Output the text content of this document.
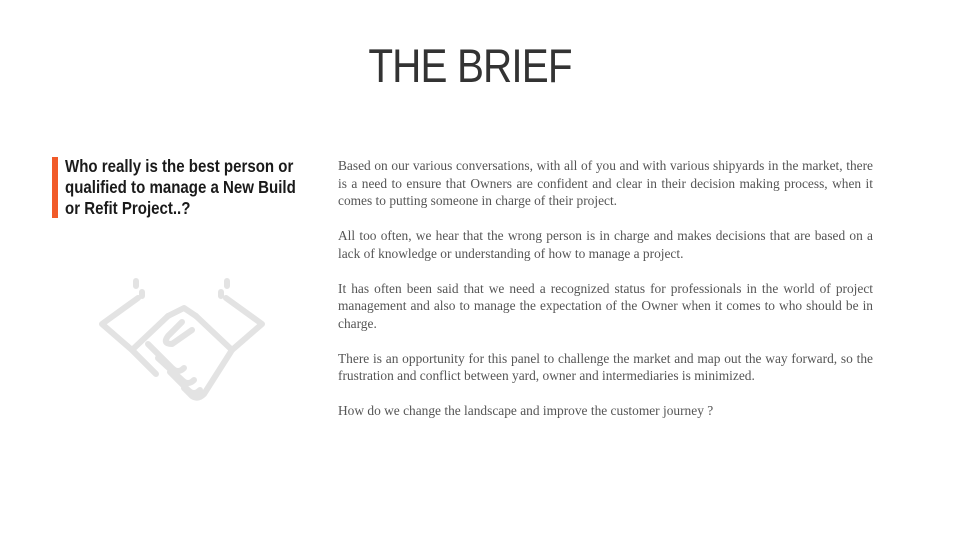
THE BRIEF
Who really is the best person or qualified to manage a New Build or Refit Project..?

Based on our various conversations, with all of you and with various shipyards in the market, there is a need to ensure that Owners are confident and clear in their decision making process, when it comes to putting someone in charge of their project.

All too often, we hear that the wrong person is in charge and makes decisions that are based on a lack of knowledge or understanding of how to manage a project.

It has often been said that we need a recognized status for professionals in the world of project management and also to manage the expectation of the Owner when it comes to who should be in charge.

There is an opportunity for this panel to challenge the market and map out the way forward, so the frustration and conflict between yard, owner and intermediaries is minimized.

How do we change the landscape and improve the customer journey ?
